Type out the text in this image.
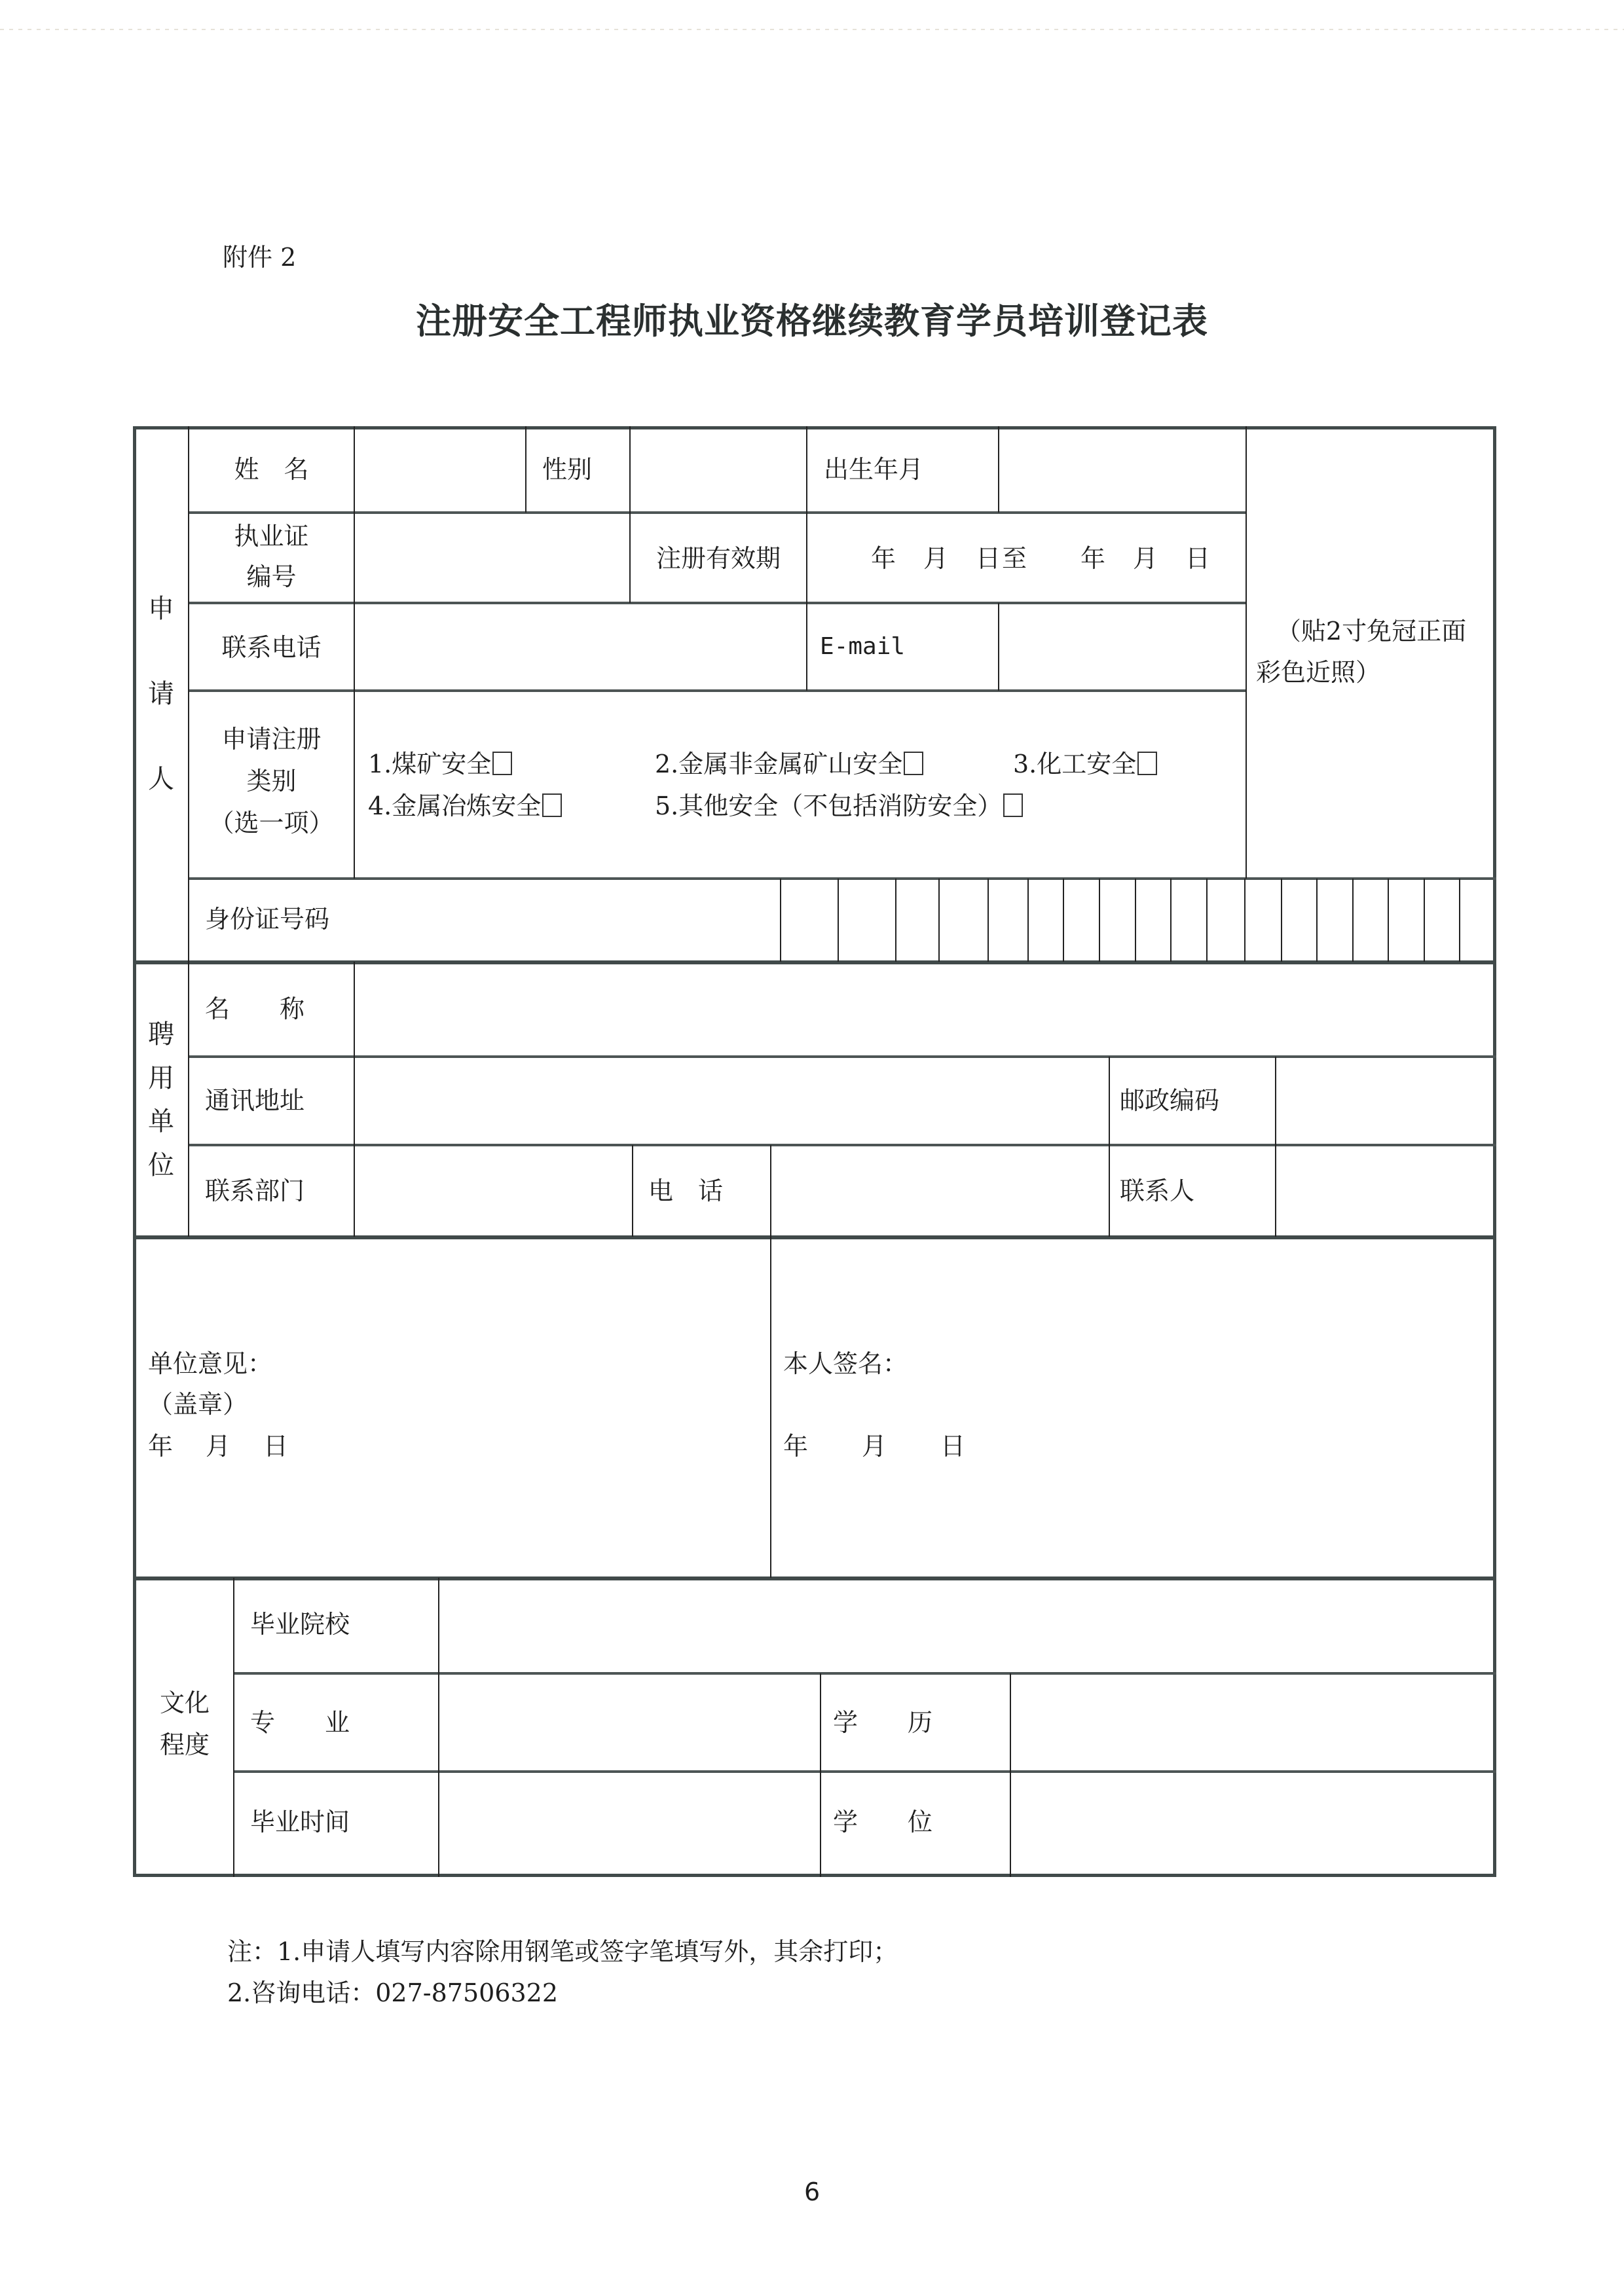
附件 2
注册安全工程师执业资格继续教育学员培训登记表
申
请
人
姓　名	性别	出生年月
执业证
编号
注册有效期	年　月　日至　　年　月　日
联系电话	E-mail
（贴2寸免冠正面
彩色近照）
申请注册
类别
（选一项）
1.煤矿安全	2.金属非金属矿山安全	3.化工安全
4.金属冶炼安全	5.其他安全（不包括消防安全）
身份证号码
聘
用
单
位
名　　称
通讯地址	邮政编码
联系部门	电　话	联系人
单位意见：
（盖章）
年　月　日
本人签名：
年　　月　　日
文化
程度
毕业院校
专　　业	学　　历
毕业时间	学　　位
注：1.申请人填写内容除用钢笔或签字笔填写外，其余打印；
2.咨询电话：027-87506322
6
